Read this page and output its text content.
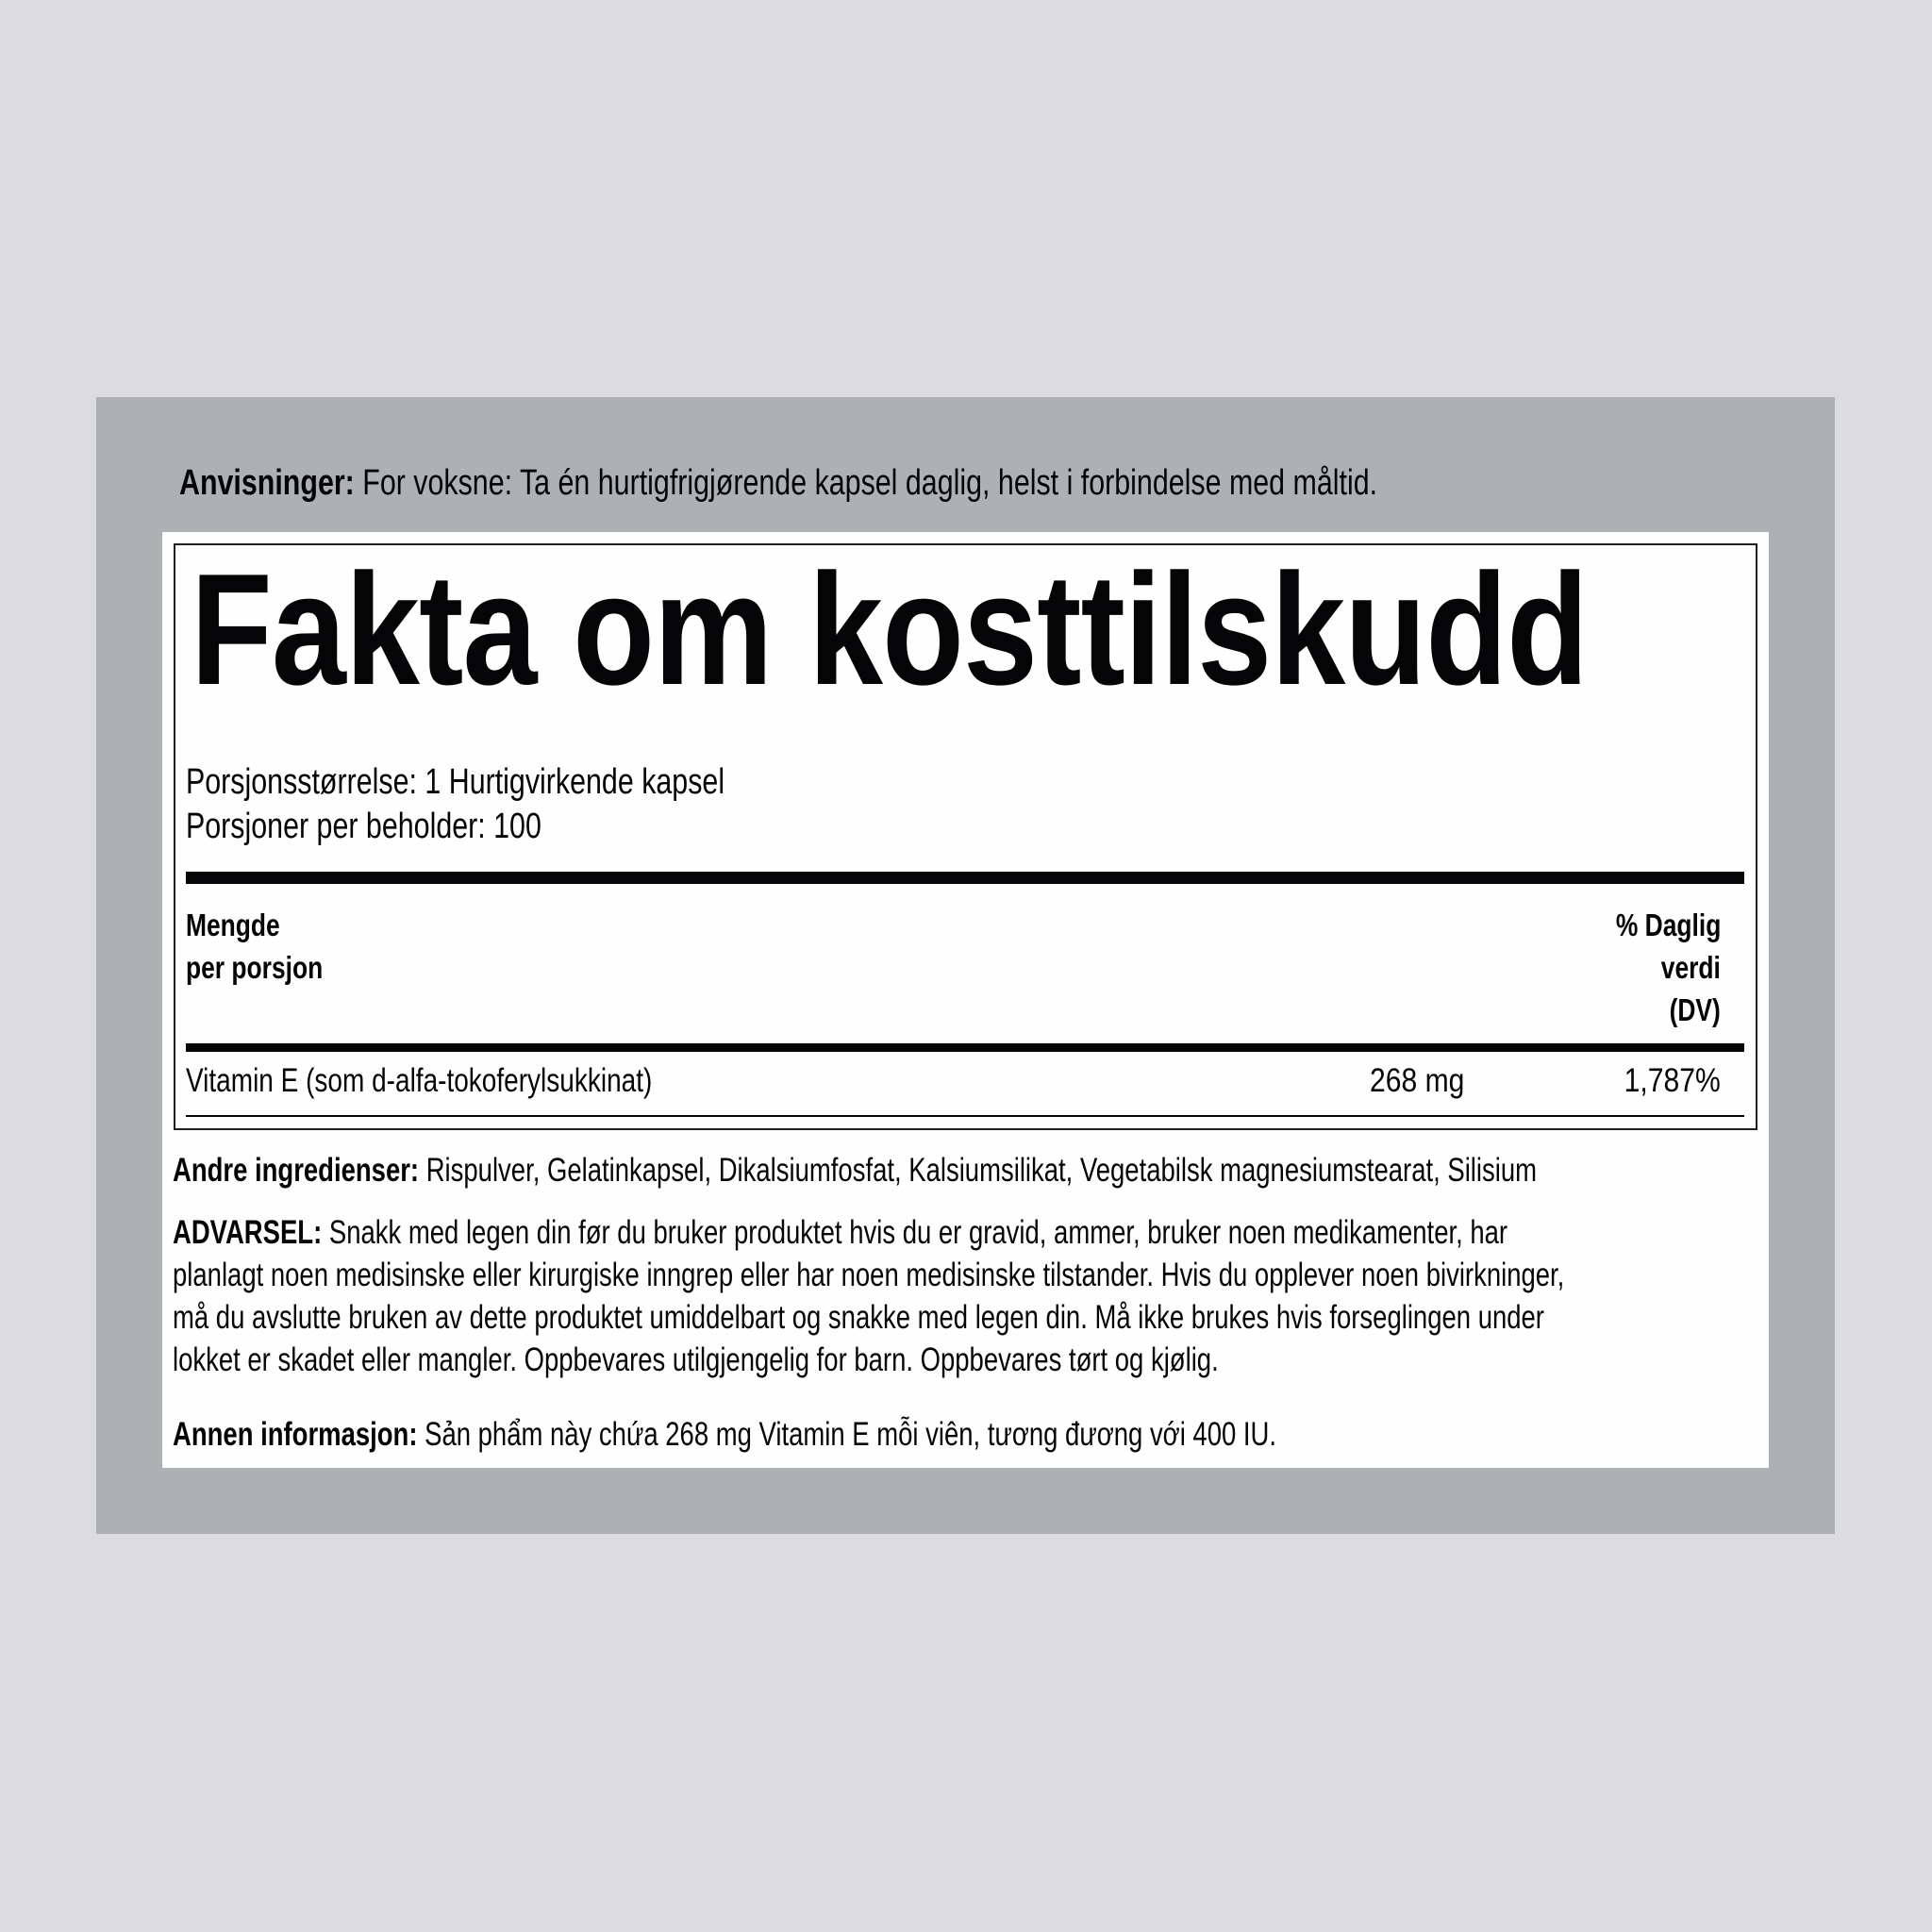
Anvisninger: For voksne: Ta én hurtigfrigjørende kapsel daglig, helst i forbindelse med måltid.
Fakta om kosttilskudd
Porsjonsstørrelse: 1 Hurtigvirkende kapsel
Porsjoner per beholder: 100
Mengde
per porsjon
% Daglig
verdi
(DV)
Vitamin E (som d-alfa-tokoferylsukkinat)	268 mg	1,787%
Andre ingredienser: Rispulver, Gelatinkapsel, Dikalsiumfosfat, Kalsiumsilikat, Vegetabilsk magnesiumstearat, Silisium
ADVARSEL: Snakk med legen din før du bruker produktet hvis du er gravid, ammer, bruker noen medikamenter, har
planlagt noen medisinske eller kirurgiske inngrep eller har noen medisinske tilstander. Hvis du opplever noen bivirkninger,
må du avslutte bruken av dette produktet umiddelbart og snakke med legen din. Må ikke brukes hvis forseglingen under
lokket er skadet eller mangler. Oppbevares utilgjengelig for barn. Oppbevares tørt og kjølig.
Annen informasjon: Sản phẩm này chứa 268 mg Vitamin E mỗi viên, tương đương với 400 IU.
